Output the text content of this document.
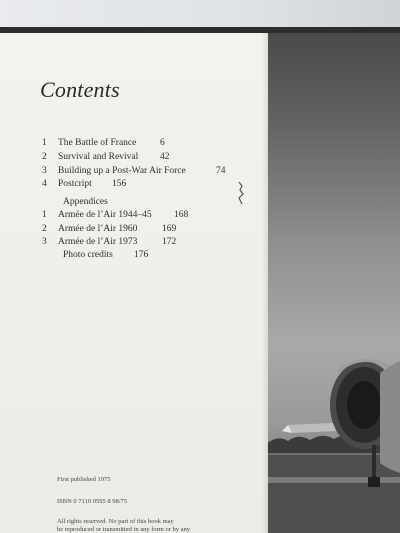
Contents
1	The Battle of France 6
2	Survival and Revival 42
3	Building up a Post-War Air Force	74
4	Postcript 156
Appendices
1	Armée de l’Air 1944–45 168
2	Armée de l’Air 1960	169
3	Armée de l’Air 1973	172
Photo credits 176
First published 1975
ISBN 0 7110 0595 8 98/75
All rights reserved. No part of this book may
be reproduced or transmitted in any form or by any
